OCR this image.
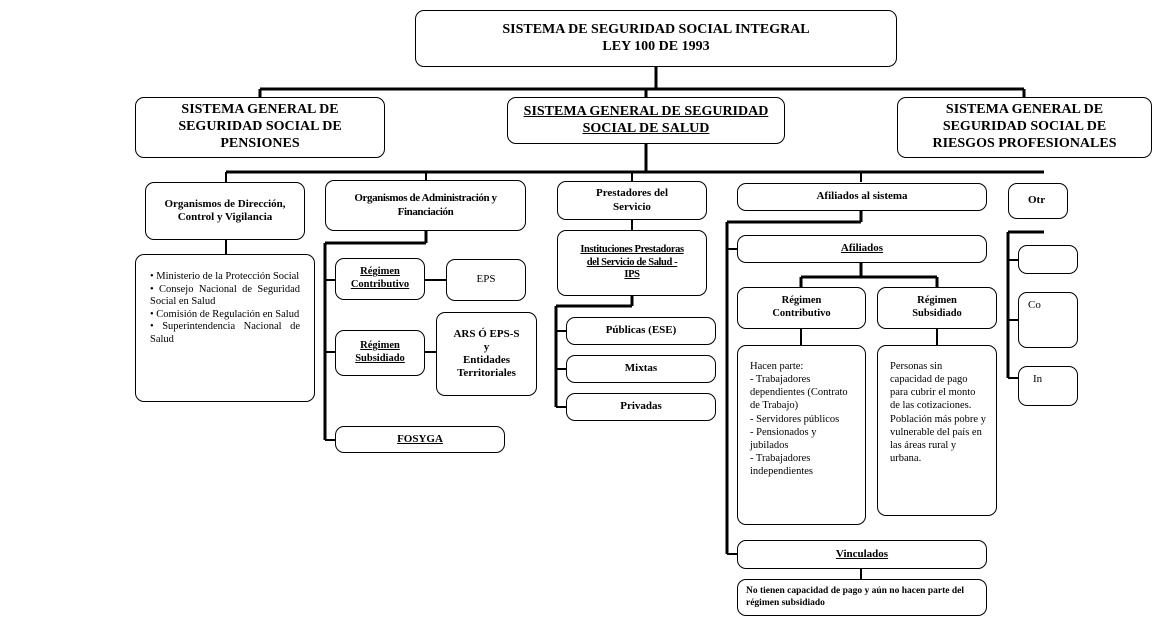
SISTEMA DE SEGURIDAD SOCIAL INTEGRAL
LEY 100 DE 1993
SISTEMA GENERAL DE
SEGURIDAD SOCIAL DE
PENSIONES
SISTEMA GENERAL DE SEGURIDAD
SOCIAL DE SALUD
SISTEMA GENERAL DE
SEGURIDAD SOCIAL DE
RIESGOS PROFESIONALES
Organismos de Dirección,
Control y Vigilancia
• Ministerio de la Protección Social
• Consejo Nacional de Seguridad Social en Salud
• Comisión de Regulación en Salud
• Superintendencia Nacional de Salud
Organismos de Administración y
Financiación
Régimen
Contributivo	EPS
Régimen
Subsidiado
ARS Ó EPS-S
y
Entidades
Territoriales
FOSYGA
Prestadores del
Servicio
Instituciones Prestadoras
del Servicio de Salud -
IPS
Públicas (ESE)
Mixtas
Privadas
Afiliados al sistema
Afiliados
Régimen
Contributivo
Régimen
Subsidiado
Hacen parte:
- Trabajadores dependientes (Contrato de Trabajo)
- Servidores públicos
- Pensionados y jubilados
- Trabajadores independientes
Personas sin capacidad de pago para cubrir el monto de las cotizaciones. Población más pobre y vulnerable del país en las áreas rural y urbana.
Vinculados
No tienen capacidad de pago y aún no hacen parte del régimen subsidiado
Otr
Co
In
